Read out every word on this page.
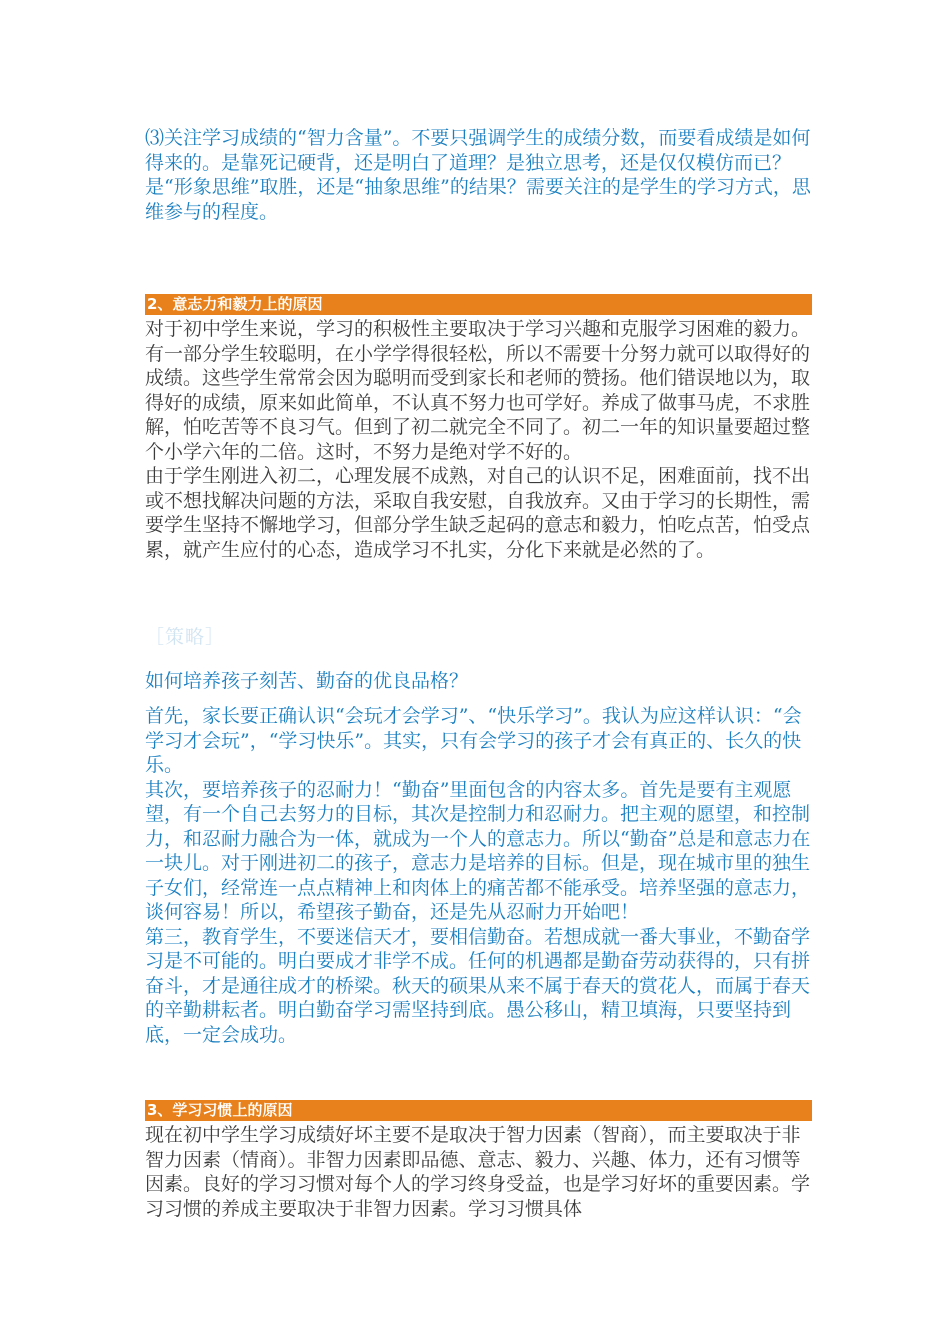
⑶关注学习成绩的“智力含量”。不要只强调学生的成绩分数，而要看成绩是如何得来的。是靠死记硬背，还是明白了道理？是独立思考，还是仅仅模仿而已？是“形象思维”取胜，还是“抽象思维”的结果？需要关注的是学生的学习方式，思维参与的程度。

2、意志力和毅力上的原因

对于初中学生来说，学习的积极性主要取决于学习兴趣和克服学习困难的毅力。有一部分学生较聪明，在小学学得很轻松，所以不需要十分努力就可以取得好的成绩。这些学生常常会因为聪明而受到家长和老师的赞扬。他们错误地以为，取得好的成绩，原来如此简单，不认真不努力也可学好。养成了做事马虎，不求胜解，怕吃苦等不良习气。但到了初二就完全不同了。初二一年的知识量要超过整个小学六年的二倍。这时，不努力是绝对学不好的。

由于学生刚进入初二，心理发展不成熟，对自己的认识不足，困难面前，找不出或不想找解决问题的方法，采取自我安慰，自我放弃。又由于学习的长期性，需要学生坚持不懈地学习，但部分学生缺乏起码的意志和毅力，怕吃点苦，怕受点累，就产生应付的心态，造成学习不扎实，分化下来就是必然的了。

［策略］
如何培养孩子刻苦、勤奋的优良品格？

首先，家长要正确认识“会玩才会学习”、“快乐学习”。我认为应这样认识：“会学习才会玩”，“学习快乐”。其实，只有会学习的孩子才会有真正的、长久的快乐。

其次，要培养孩子的忍耐力！“勤奋”里面包含的内容太多。首先是要有主观愿望，有一个自己去努力的目标，其次是控制力和忍耐力。把主观的愿望，和控制力，和忍耐力融合为一体，就成为一个人的意志力。所以“勤奋”总是和意志力在一块儿。对于刚进初二的孩子，意志力是培养的目标。但是，现在城市里的独生子女们，经常连一点点精神上和肉体上的痛苦都不能承受。培养坚强的意志力，谈何容易！所以，希望孩子勤奋，还是先从忍耐力开始吧！

第三，教育学生，不要迷信天才，要相信勤奋。若想成就一番大事业，不勤奋学习是不可能的。明白要成才非学不成。任何的机遇都是勤奋劳动获得的，只有拼奋斗，才是通往成才的桥梁。秋天的硕果从来不属于春天的赏花人，而属于春天的辛勤耕耘者。明白勤奋学习需坚持到底。愚公移山，精卫填海，只要坚持到底，一定会成功。

3、学习习惯上的原因

现在初中学生学习成绩好坏主要不是取决于智力因素（智商），而主要取决于非智力因素（情商）。非智力因素即品德、意志、毅力、兴趣、体力，还有习惯等因素。良好的学习习惯对每个人的学习终身受益，也是学习好坏的重要因素。学习习惯的养成主要取决于非智力因素。学习习惯具体
